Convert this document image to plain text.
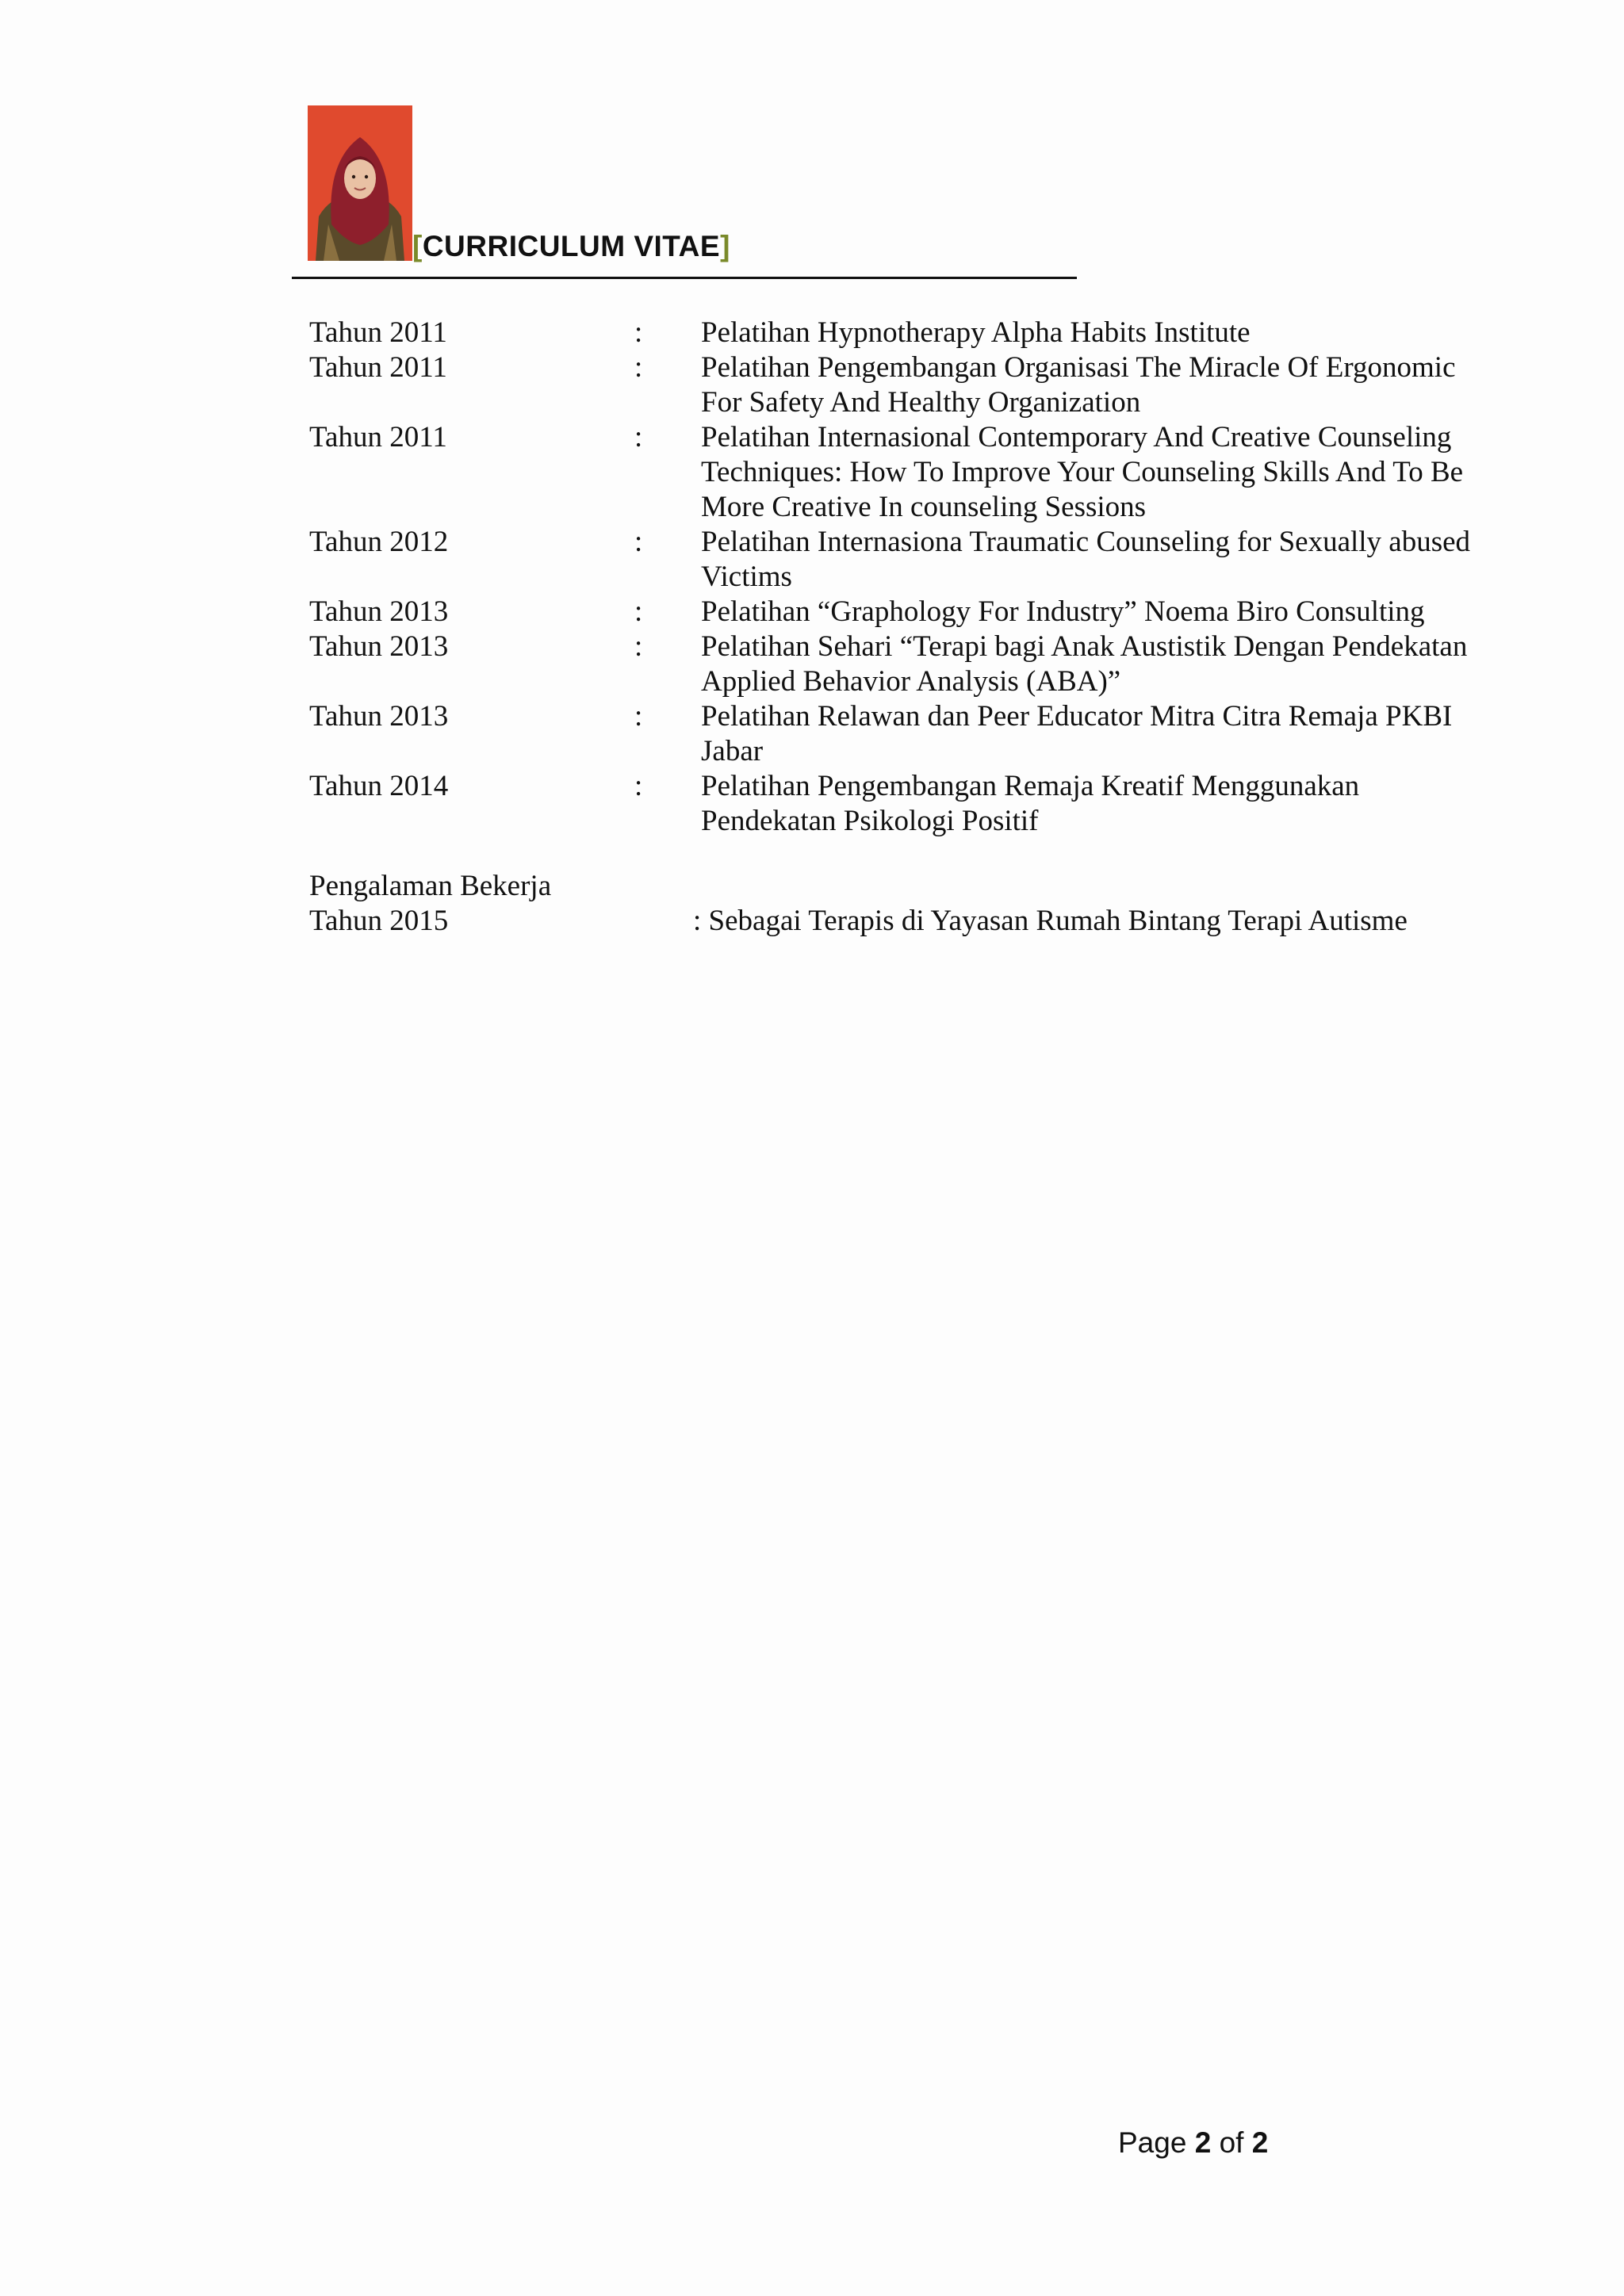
[CURRICULUM VITAE]
Tahun 2011	:	Pelatihan Hypnotherapy Alpha Habits Institute
Tahun 2011	:	Pelatihan Pengembangan Organisasi The Miracle Of Ergonomic
For Safety And Healthy Organization
Tahun 2011	:	Pelatihan Internasional Contemporary And Creative Counseling
Techniques: How To Improve Your Counseling Skills And To Be
More Creative In counseling Sessions
Tahun 2012	:	Pelatihan Internasiona Traumatic Counseling for Sexually abused
Victims
Tahun 2013	:	Pelatihan “Graphology For Industry” Noema Biro Consulting
Tahun 2013	:	Pelatihan Sehari “Terapi bagi Anak Austistik Dengan Pendekatan
Applied Behavior Analysis (ABA)”
Tahun 2013	:	Pelatihan Relawan dan Peer Educator Mitra Citra Remaja PKBI
Jabar
Tahun 2014	:	Pelatihan Pengembangan Remaja Kreatif Menggunakan
Pendekatan Psikologi Positif
Pengalaman Bekerja
Tahun 2015	: Sebagai Terapis di Yayasan Rumah Bintang Terapi Autisme
Page 2 of 2
